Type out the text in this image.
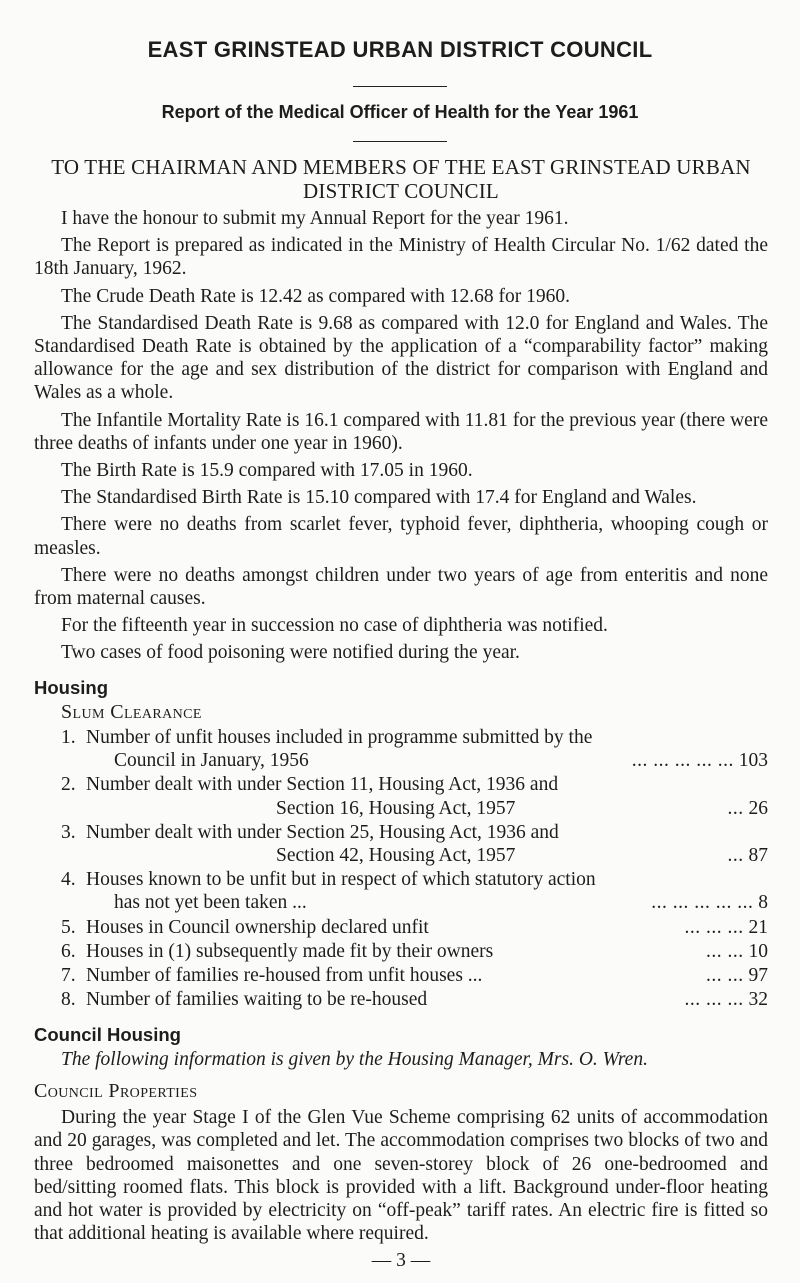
EAST GRINSTEAD URBAN DISTRICT COUNCIL
Report of the Medical Officer of Health for the Year 1961
TO THE CHAIRMAN AND MEMBERS OF THE EAST GRINSTEAD URBAN DISTRICT COUNCIL

I have the honour to submit my Annual Report for the year 1961.

The Report is prepared as indicated in the Ministry of Health Circular No. 1/62 dated the 18th January, 1962.

The Crude Death Rate is 12.42 as compared with 12.68 for 1960.

The Standardised Death Rate is 9.68 as compared with 12.0 for England and Wales. The Standardised Death Rate is obtained by the application of a “comparability factor” making allowance for the age and sex distribution of the district for comparison with England and Wales as a whole.

The Infantile Mortality Rate is 16.1 compared with 11.81 for the previous year (there were three deaths of infants under one year in 1960).

The Birth Rate is 15.9 compared with 17.05 in 1960.

The Standardised Birth Rate is 15.10 compared with 17.4 for England and Wales.

There were no deaths from scarlet fever, typhoid fever, diphtheria, whooping cough or measles.

There were no deaths amongst children under two years of age from enteritis and none from maternal causes.

For the fifteenth year in succession no case of diphtheria was notified.

Two cases of food poisoning were notified during the year.

Housing
Slum Clearance
1. Number of unfit houses included in programme submitted by the
Council in January, 1956	... ... ... ... ... 103
2. Number dealt with under Section 11, Housing Act, 1936 and
Section 16, Housing Act, 1957	... 26
3. Number dealt with under Section 25, Housing Act, 1936 and
Section 42, Housing Act, 1957	... 87
4. Houses known to be unfit but in respect of which statutory action
has not yet been taken ...	... ... ... ... ... 8
5. Houses in Council ownership declared unfit	... ... ... 21
6. Houses in (1) subsequently made fit by their owners	... ... 10
7. Number of families re-housed from unfit houses ...	... ... 97
8. Number of families waiting to be re-housed	... ... ... 32
Council Housing
The following information is given by the Housing Manager, Mrs. O. Wren.
Council Properties

During the year Stage I of the Glen Vue Scheme comprising 62 units of accommodation and 20 garages, was completed and let. The accommodation comprises two blocks of two and three bedroomed maisonettes and one seven-storey block of 26 one-bedroomed and bed/sitting roomed flats. This block is provided with a lift. Background under-floor heating and hot water is provided by electricity on “off-peak” tariff rates. An electric fire is fitted so that additional heating is available where required.

— 3 —
